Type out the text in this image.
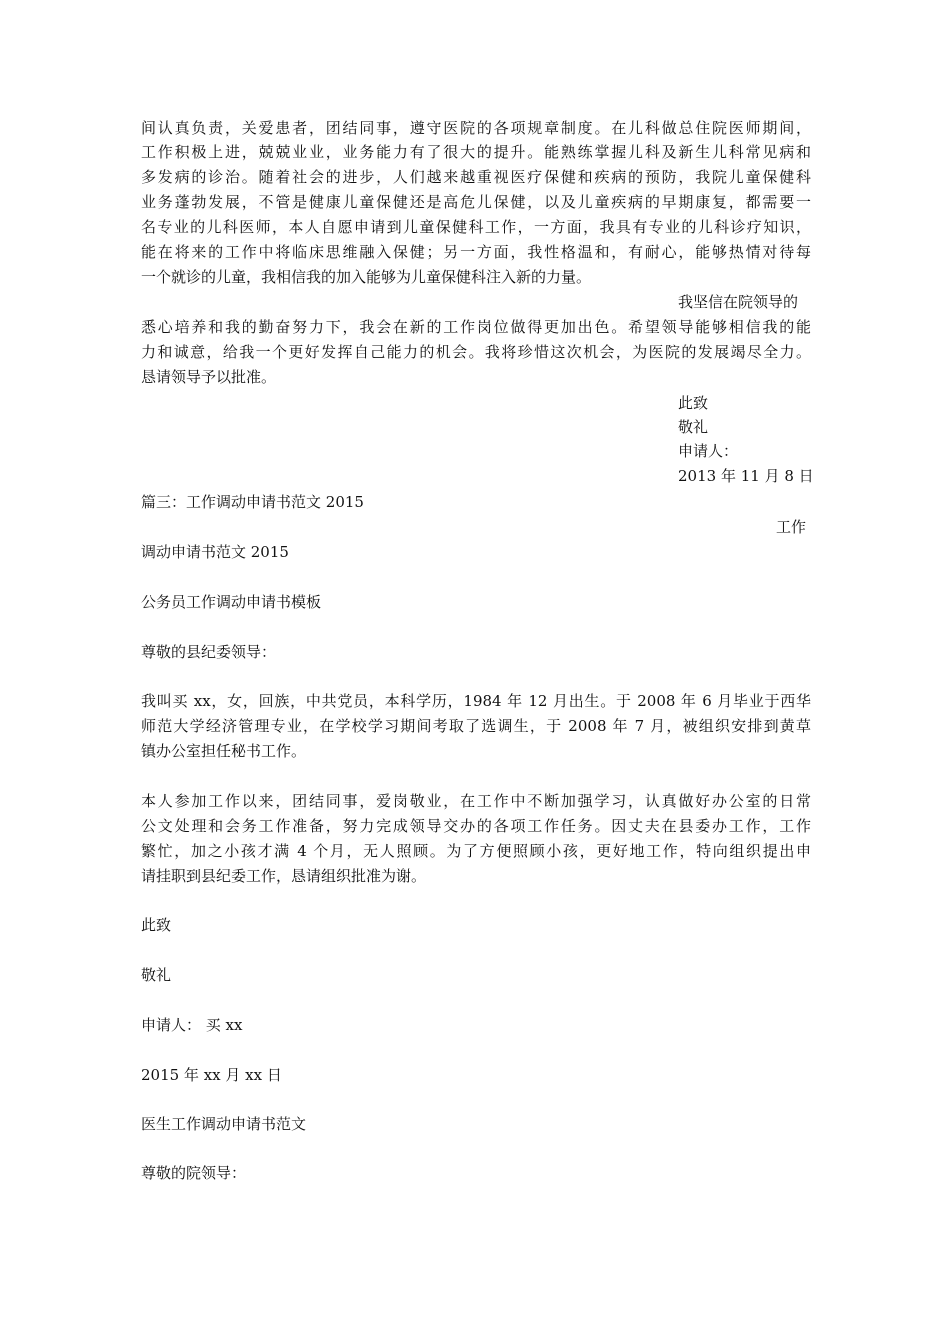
间认真负责，关爱患者，团结同事，遵守医院的各项规章制度。在儿科做总住院医师期间，
工作积极上进，兢兢业业，业务能力有了很大的提升。能熟练掌握儿科及新生儿科常见病和
多发病的诊治。随着社会的进步，人们越来越重视医疗保健和疾病的预防，我院儿童保健科
业务蓬勃发展，不管是健康儿童保健还是高危儿保健，以及儿童疾病的早期康复，都需要一
名专业的儿科医师，本人自愿申请到儿童保健科工作，一方面，我具有专业的儿科诊疗知识，
能在将来的工作中将临床思维融入保健；另一方面，我性格温和，有耐心，能够热情对待每
一个就诊的儿童，我相信我的加入能够为儿童保健科注入新的力量。
我坚信在院领导的
悉心培养和我的勤奋努力下，我会在新的工作岗位做得更加出色。希望领导能够相信我的能
力和诚意，给我一个更好发挥自己能力的机会。我将珍惜这次机会，为医院的发展竭尽全力。
恳请领导予以批准。
此致
敬礼
申请人：
2013 年 11 月 8 日
篇三：工作调动申请书范文 2015
工作
调动申请书范文 2015
公务员工作调动申请书模板
尊敬的县纪委领导：
我叫买 xx，女，回族，中共党员，本科学历，1984 年 12 月出生。于 2008 年 6 月毕业于西华
师范大学经济管理专业，在学校学习期间考取了选调生，于 2008 年 7 月，被组织安排到黄草
镇办公室担任秘书工作。
本人参加工作以来，团结同事，爱岗敬业，在工作中不断加强学习，认真做好办公室的日常
公文处理和会务工作准备，努力完成领导交办的各项工作任务。因丈夫在县委办工作，工作
繁忙，加之小孩才满 4 个月，无人照顾。为了方便照顾小孩，更好地工作，特向组织提出申
请挂职到县纪委工作，恳请组织批准为谢。
此致
敬礼
申请人： 买 xx
2015 年 xx 月 xx 日
医生工作调动申请书范文
尊敬的院领导：
